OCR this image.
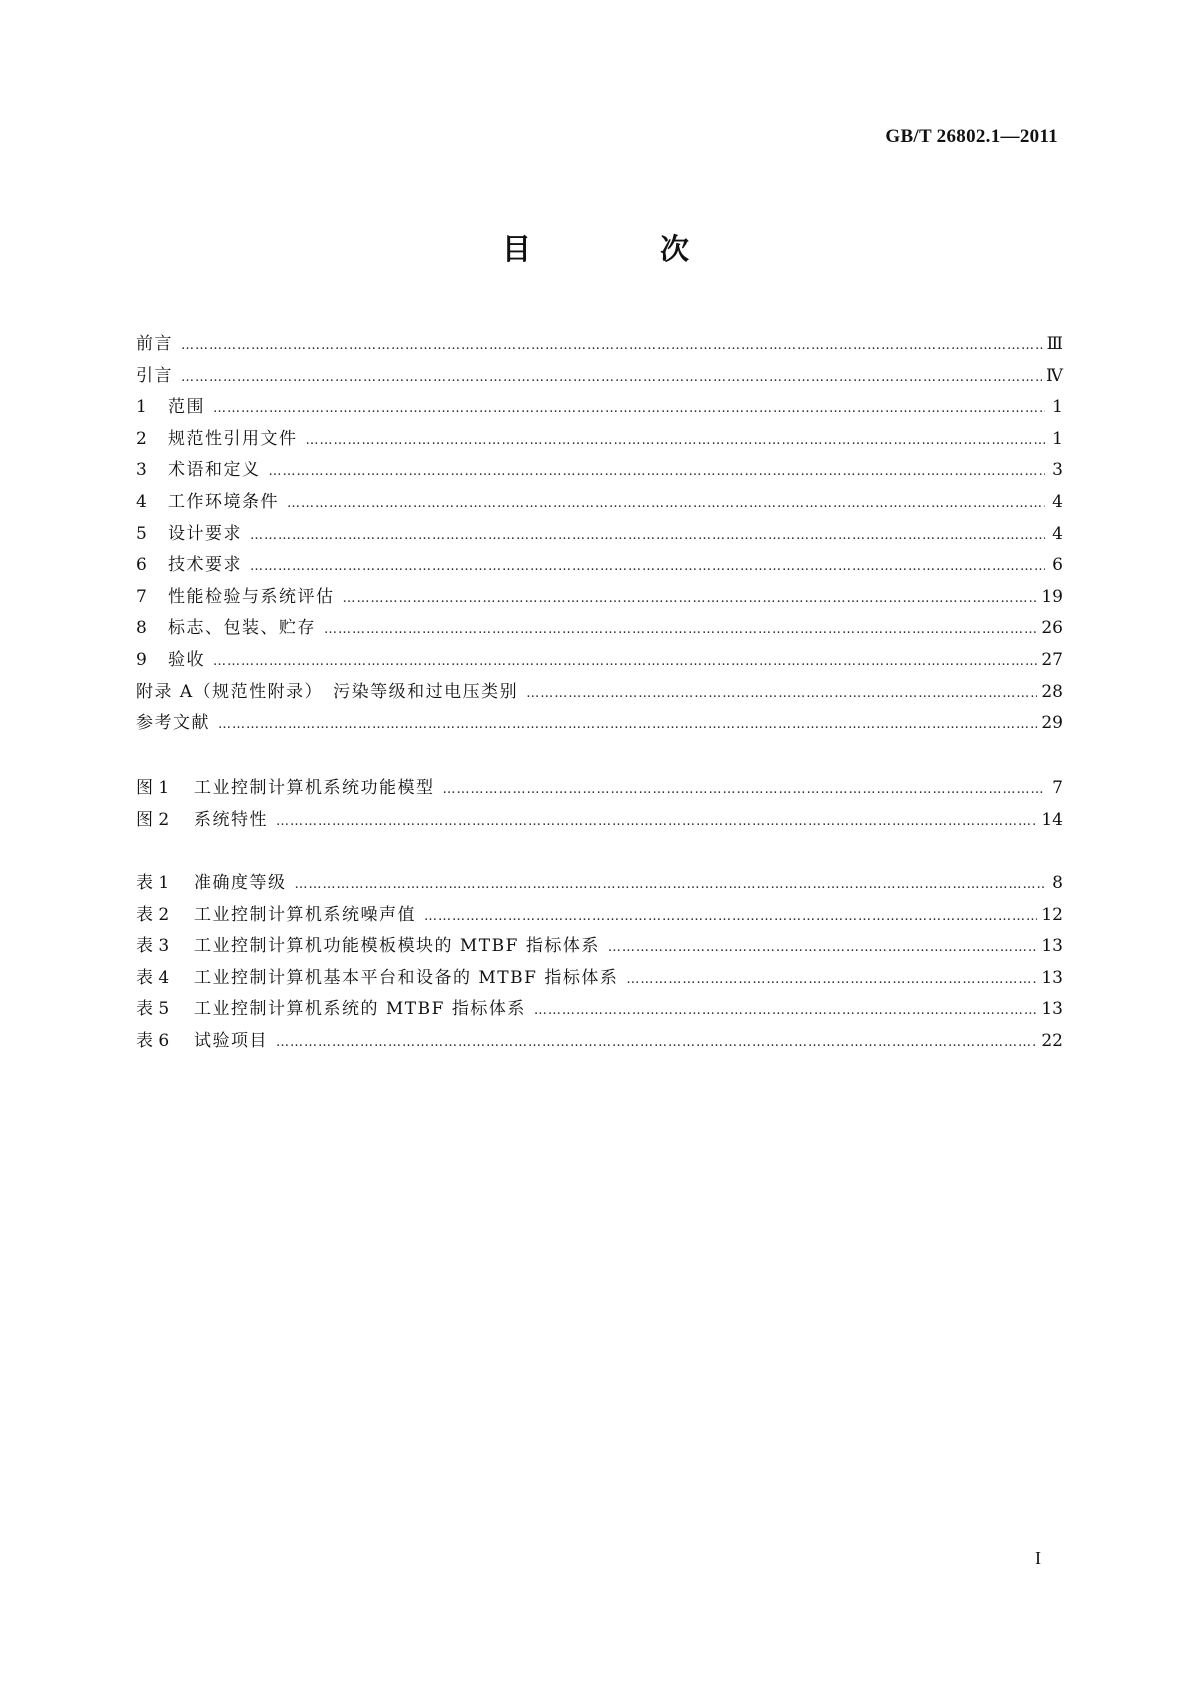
GB/T 26802.1—2011
目　次
前言 ……………………………………………………………………………………………………………………………………………………………………………………………………………	Ⅲ
引言 ……………………………………………………………………………………………………………………………………………………………………………………………………………	Ⅳ
1	范围 ……………………………………………………………………………………………………………………………………………………………………………………………………………	1
2	规范性引用文件 ……………………………………………………………………………………………………………………………………………………………………………………………………………	1
3	术语和定义 ……………………………………………………………………………………………………………………………………………………………………………………………………………	3
4	工作环境条件 ……………………………………………………………………………………………………………………………………………………………………………………………………………	4
5	设计要求 ……………………………………………………………………………………………………………………………………………………………………………………………………………	4
6	技术要求 ……………………………………………………………………………………………………………………………………………………………………………………………………………	6
7	性能检验与系统评估 ……………………………………………………………………………………………………………………………………………………………………………………………………………	19
8	标志、包装、贮存 ……………………………………………………………………………………………………………………………………………………………………………………………………………	26
9	验收 ……………………………………………………………………………………………………………………………………………………………………………………………………………	27
附录 A（规范性附录）　污染等级和过电压类别 ……………………………………………………………………………………………………………………………………………………………………………………………………………	28
参考文献 ……………………………………………………………………………………………………………………………………………………………………………………………………………	29
图 1	工业控制计算机系统功能模型 ……………………………………………………………………………………………………………………………………………………………………………………………………………	7
图 2	系统特性 ……………………………………………………………………………………………………………………………………………………………………………………………………………	14
表 1	准确度等级 ……………………………………………………………………………………………………………………………………………………………………………………………………………	8
表 2	工业控制计算机系统噪声值 ……………………………………………………………………………………………………………………………………………………………………………………………………………	12
表 3	工业控制计算机功能模板模块的 MTBF 指标体系 ……………………………………………………………………………………………………………………………………………………………………………………………………………	13
表 4	工业控制计算机基本平台和设备的 MTBF 指标体系 ……………………………………………………………………………………………………………………………………………………………………………………………………………	13
表 5	工业控制计算机系统的 MTBF 指标体系 ……………………………………………………………………………………………………………………………………………………………………………………………………………	13
表 6	试验项目 ……………………………………………………………………………………………………………………………………………………………………………………………………………	22
I
